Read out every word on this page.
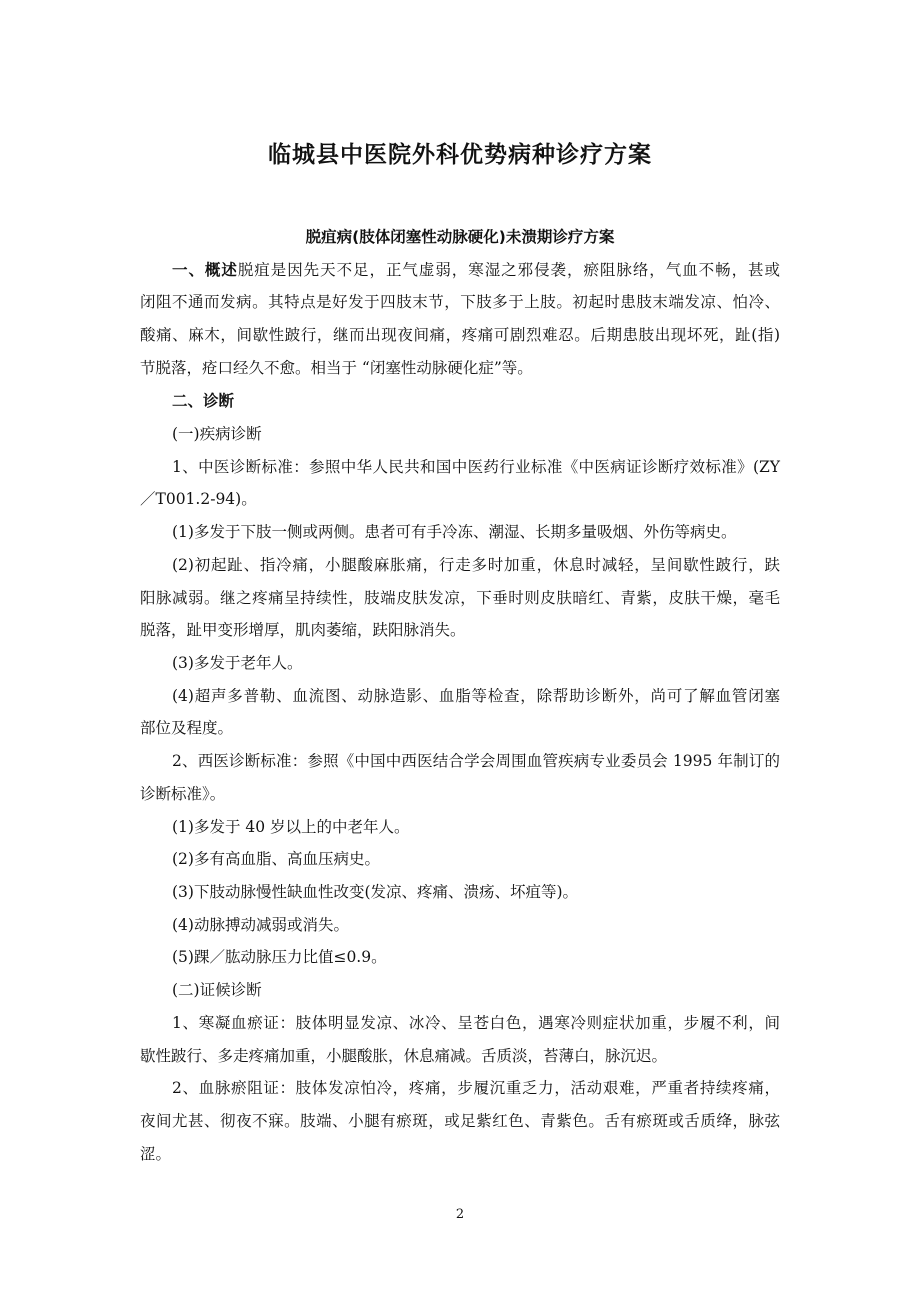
临城县中医院外科优势病种诊疗方案
脱疽病(肢体闭塞性动脉硬化)未溃期诊疗方案
一、概述脱疽是因先天不足，正气虚弱，寒湿之邪侵袭，瘀阻脉络，气血不畅，甚或
闭阻不通而发病。其特点是好发于四肢末节，下肢多于上肢。初起时患肢末端发凉、怕冷、
酸痛、麻木，间歇性跛行，继而出现夜间痛，疼痛可剧烈难忍。后期患肢出现坏死，趾(指)
节脱落，疮口经久不愈。相当于 “闭塞性动脉硬化症”等。
二、诊断
(一)疾病诊断
1、中医诊断标准：参照中华人民共和国中医药行业标准《中医病证诊断疗效标准》(ZY
／T001.2-94)。
(1)多发于下肢一侧或两侧。患者可有手冷冻、潮湿、长期多量吸烟、外伤等病史。
(2)初起趾、指冷痛，小腿酸麻胀痛，行走多时加重，休息时减轻，呈间歇性跛行，趺
阳脉减弱。继之疼痛呈持续性，肢端皮肤发凉，下垂时则皮肤暗红、青紫，皮肤干燥，毫毛
脱落，趾甲变形增厚，肌肉萎缩，趺阳脉消失。
(3)多发于老年人。
(4)超声多普勒、血流图、动脉造影、血脂等检查，除帮助诊断外，尚可了解血管闭塞
部位及程度。
2、西医诊断标准：参照《中国中西医结合学会周围血管疾病专业委员会 1995 年制订的
诊断标准》。
(1)多发于 40 岁以上的中老年人。
(2)多有高血脂、高血压病史。
(3)下肢动脉慢性缺血性改变(发凉、疼痛、溃疡、坏疽等)。
(4)动脉搏动减弱或消失。
(5)踝／肱动脉压力比值≤0.9。
(二)证候诊断
1、寒凝血瘀证：肢体明显发凉、冰冷、呈苍白色，遇寒冷则症状加重，步履不利，间
歇性跛行、多走疼痛加重，小腿酸胀，休息痛减。舌质淡，苔薄白，脉沉迟。
2、血脉瘀阻证：肢体发凉怕冷，疼痛，步履沉重乏力，活动艰难，严重者持续疼痛，
夜间尤甚、彻夜不寐。肢端、小腿有瘀斑，或足紫红色、青紫色。舌有瘀斑或舌质绛，脉弦
涩。
2
